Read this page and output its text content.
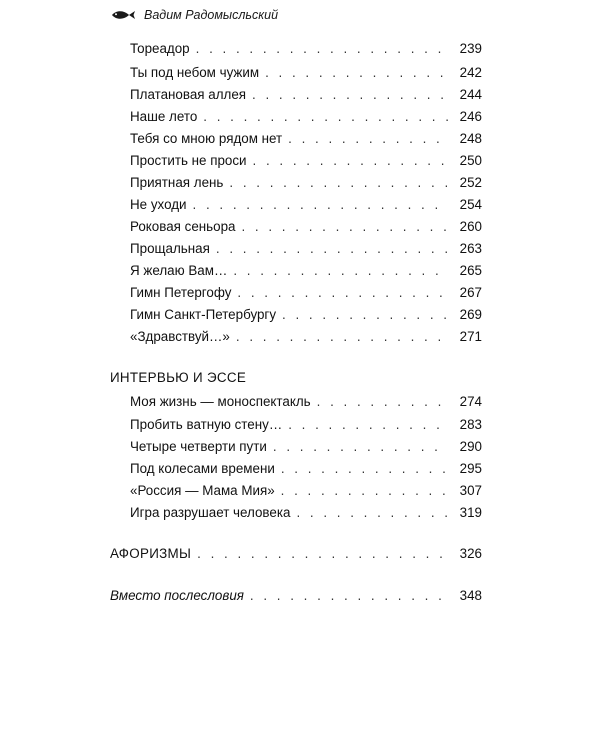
Вадим Радомысльский
Тореадор . . .	239
Ты под небом чужим . . .	242
Платановая аллея . . .	244
Наше лето . . .	246
Тебя со мною рядом нет . . .	248
Простить не проси . . .	250
Приятная лень . . .	252
Не уходи . . .	254
Роковая сеньора . . .	260
Прощальная . . .	263
Я желаю Вам… . . .	265
Гимн Петергофу . . .	267
Гимн Санкт-Петербургу . . .	269
«Здравствуй…» . . .	271
ИНТЕРВЬЮ И ЭССЕ
Моя жизнь — моноспектакль . . .	274
Пробить ватную стену… . . .	283
Четыре четверти пути . . .	290
Под колесами времени . . .	295
«Россия — Мама Мия» . . .	307
Игра разрушает человека . . .	319
АФОРИЗМЫ . . .	326
Вместо послесловия . . .	348
